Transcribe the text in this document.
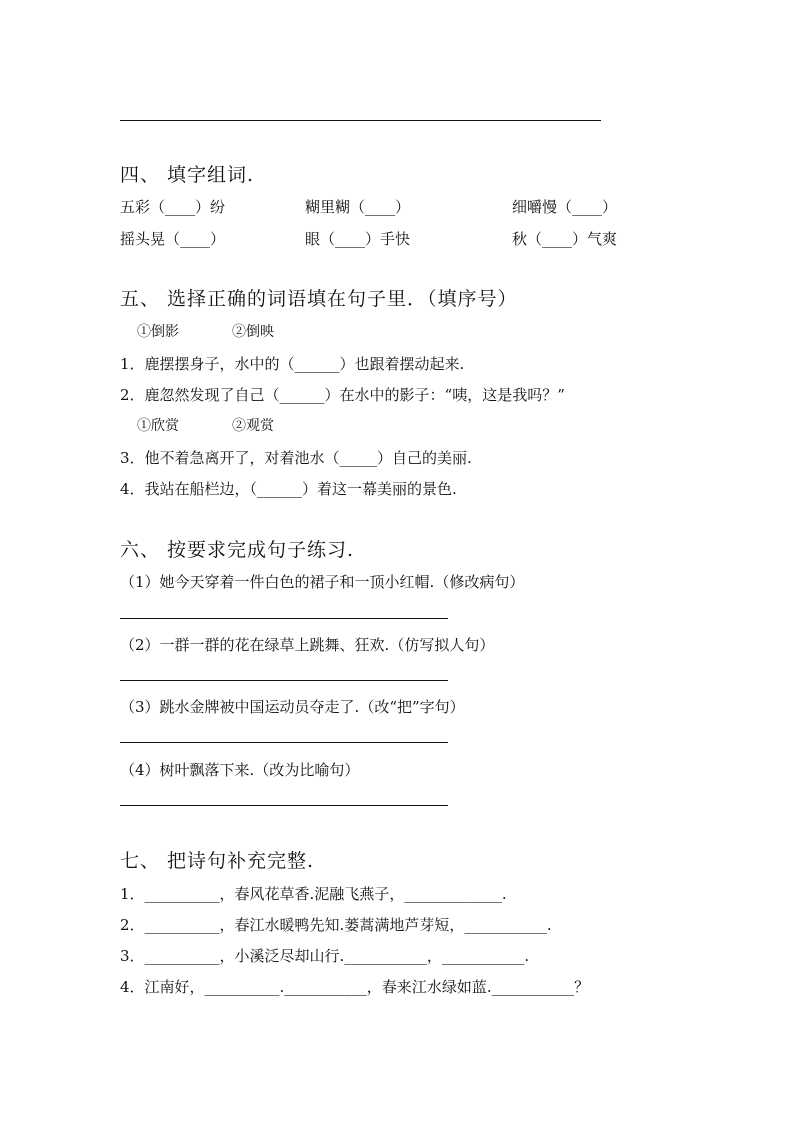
四、 填字组词.
五彩（____）纷	糊里糊（____）	细嚼慢（____）
摇头晃（____）	眼（____）手快	秋（____）气爽
五、 选择正确的词语填在句子里．（填序号）
①倒影	②倒映
1．鹿摆摆身子，水中的（______）也跟着摆动起来.
2．鹿忽然发现了自己（______）在水中的影子：“咦，这是我吗？”
①欣赏	②观赏
3．他不着急离开了，对着池水（_____）自己的美丽.
4．我站在船栏边，（______）着这一幕美丽的景色.
六、 按要求完成句子练习.
（1）她今天穿着一件白色的裙子和一顶小红帽.（修改病句）
（2）一群一群的花在绿草上跳舞、狂欢.（仿写拟人句）
（3）跳水金牌被中国运动员夺走了.（改“把”字句）
（4）树叶飘落下来.（改为比喻句）
七、 把诗句补充完整.
1．__________，春风花草香.泥融飞燕子，_____________.
2．__________，春江水暖鸭先知.蒌蒿满地芦芽短，___________.
3．__________，小溪泛尽却山行.___________，___________.
4．江南好，__________.___________，春来江水绿如蓝.___________？
